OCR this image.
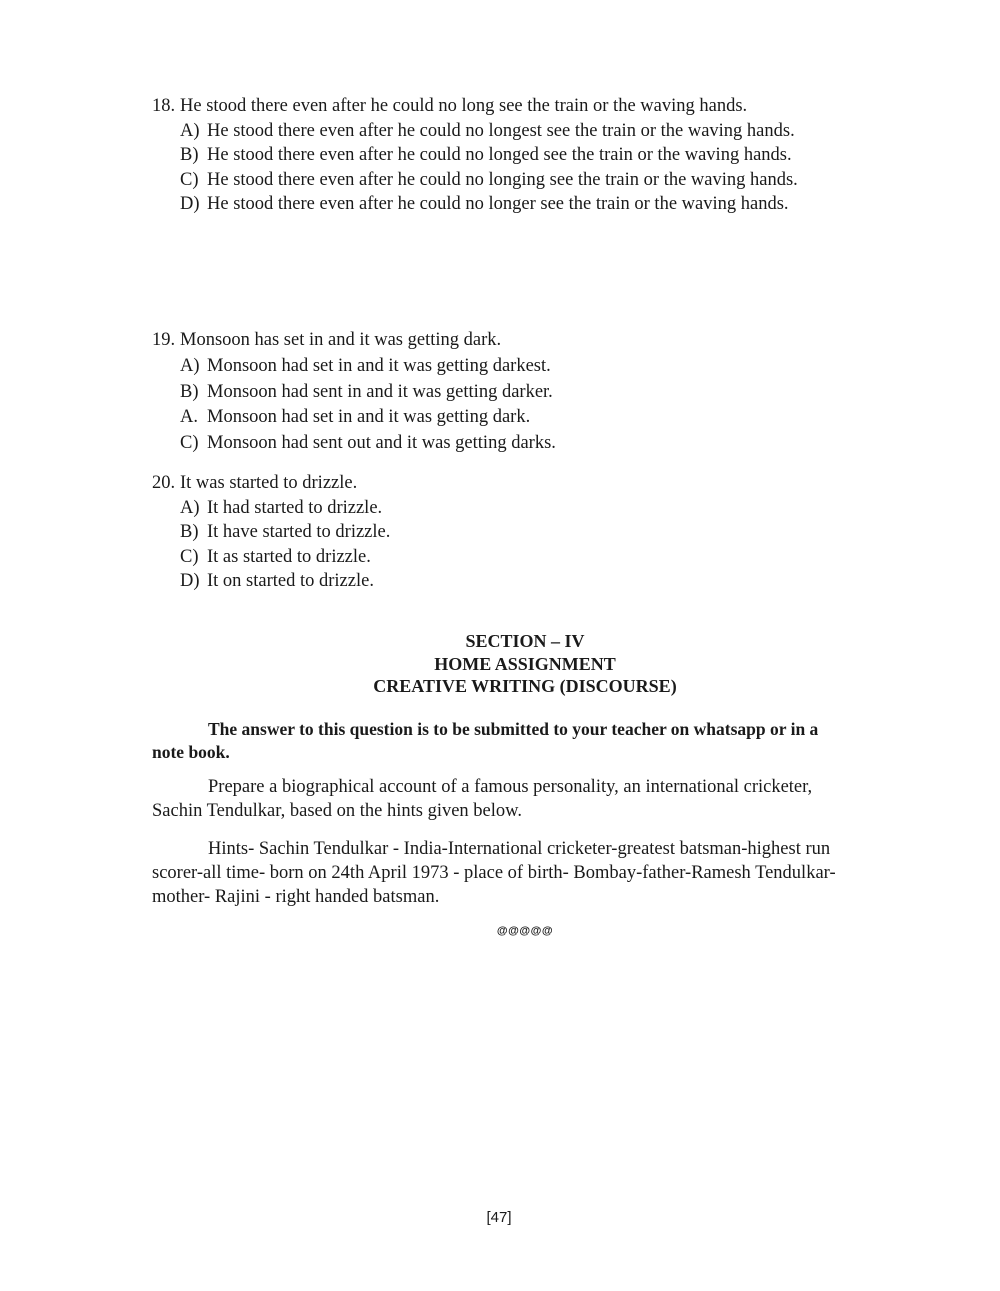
18. He stood there even after he could no long see the train or the waving hands.
A) He stood there even after he could no longest see the train or the waving hands.
B) He stood there even after he could no longed see the train or the waving hands.
C) He stood there even after he could no longing see the train or the waving hands.
D) He stood there even after he could no longer see the train or the waving hands.
19. Monsoon has set in and it was getting dark.
A) Monsoon had set in and it was getting darkest.
B) Monsoon had sent in and it was getting darker.
A. Monsoon had set in and it was getting dark.
C) Monsoon had sent out and it was getting darks.
20. It was started to drizzle.
A) It had started to drizzle.
B) It have started to drizzle.
C) It as started to drizzle.
D) It on started to drizzle.
SECTION – IV
HOME ASSIGNMENT
CREATIVE WRITING (DISCOURSE)
The answer to this question is to be submitted to your teacher on whatsapp or in a note book.
Prepare a biographical account of a famous personality, an international cricketer, Sachin Tendulkar, based on the hints given below.
Hints- Sachin Tendulkar - India-International cricketer-greatest batsman-highest run scorer-all time- born on 24th April 1973 - place of birth- Bombay-father-Ramesh Tendulkar-mother- Rajini - right handed batsman.
@@@@@
[47]
